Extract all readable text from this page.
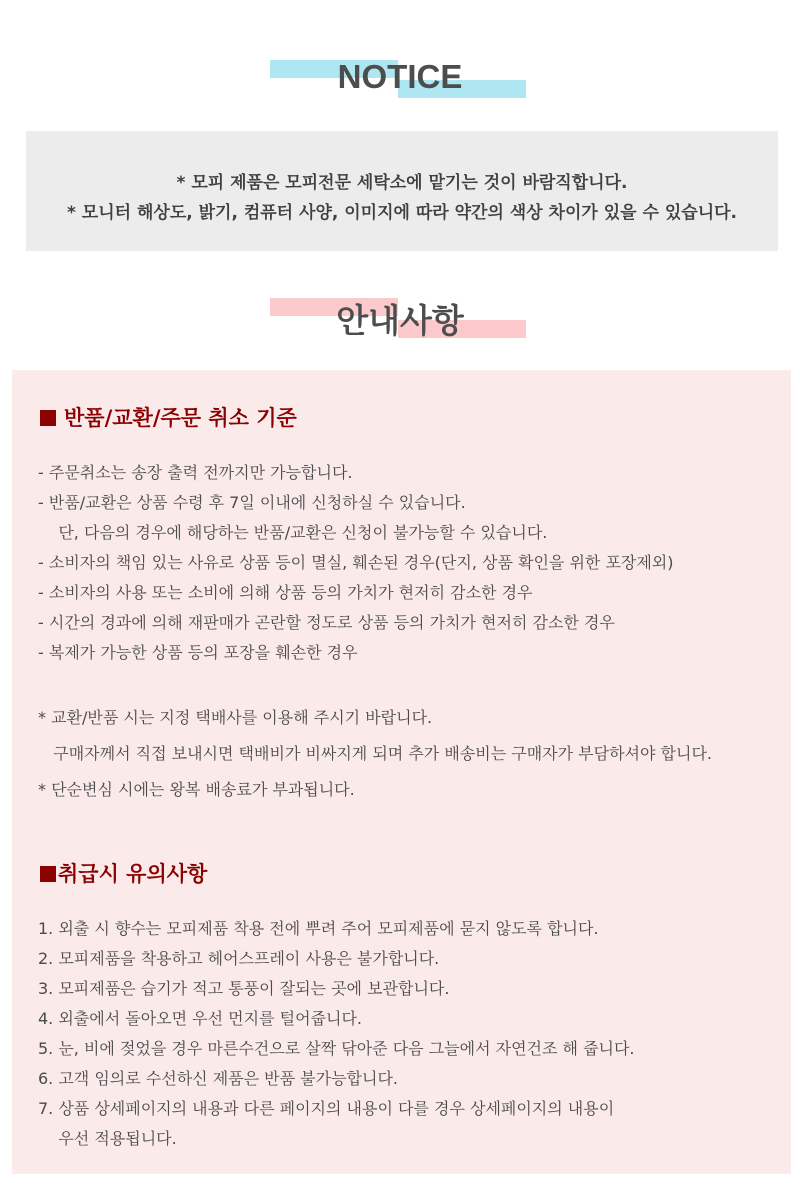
NOTICE
* 모피 제품은 모피전문 세탁소에 맡기는 것이 바람직합니다.
* 모니터 해상도, 밝기, 컴퓨터 사양, 이미지에 따라 약간의 색상 차이가 있을 수 있습니다.
안내사항
반품/교환/주문 취소 기준
- 주문취소는 송장 출력 전까지만 가능합니다.
- 반품/교환은 상품 수령 후 7일 이내에 신청하실 수 있습니다.
단, 다음의 경우에 해당하는 반품/교환은 신청이 불가능할 수 있습니다.
- 소비자의 책임 있는 사유로 상품 등이 멸실, 훼손된 경우(단지, 상품 확인을 위한 포장제외)
- 소비자의 사용 또는 소비에 의해 상품 등의 가치가 현저히 감소한 경우
- 시간의 경과에 의해 재판매가 곤란할 정도로 상품 등의 가치가 현저히 감소한 경우
- 복제가 가능한 상품 등의 포장을 훼손한 경우
* 교환/반품 시는 지정 택배사를 이용해 주시기 바랍니다.
구매자께서 직접 보내시면 택배비가 비싸지게 되며 추가 배송비는 구매자가 부담하셔야 합니다.
* 단순변심 시에는 왕복 배송료가 부과됩니다.
취급시 유의사항
1. 외출 시 향수는 모피제품 착용 전에 뿌려 주어 모피제품에 묻지 않도록 합니다.
2. 모피제품을 착용하고 헤어스프레이 사용은 불가합니다.
3. 모피제품은 습기가 적고 통풍이 잘되는 곳에 보관합니다.
4. 외출에서 돌아오면 우선 먼지를 털어줍니다.
5. 눈, 비에 젖었을 경우 마른수건으로 살짝 닦아준 다음 그늘에서 자연건조 해 줍니다.
6. 고객 임의로 수선하신 제품은 반품 불가능합니다.
7. 상품 상세페이지의 내용과 다른 페이지의 내용이 다를 경우 상세페이지의 내용이
우선 적용됩니다.
